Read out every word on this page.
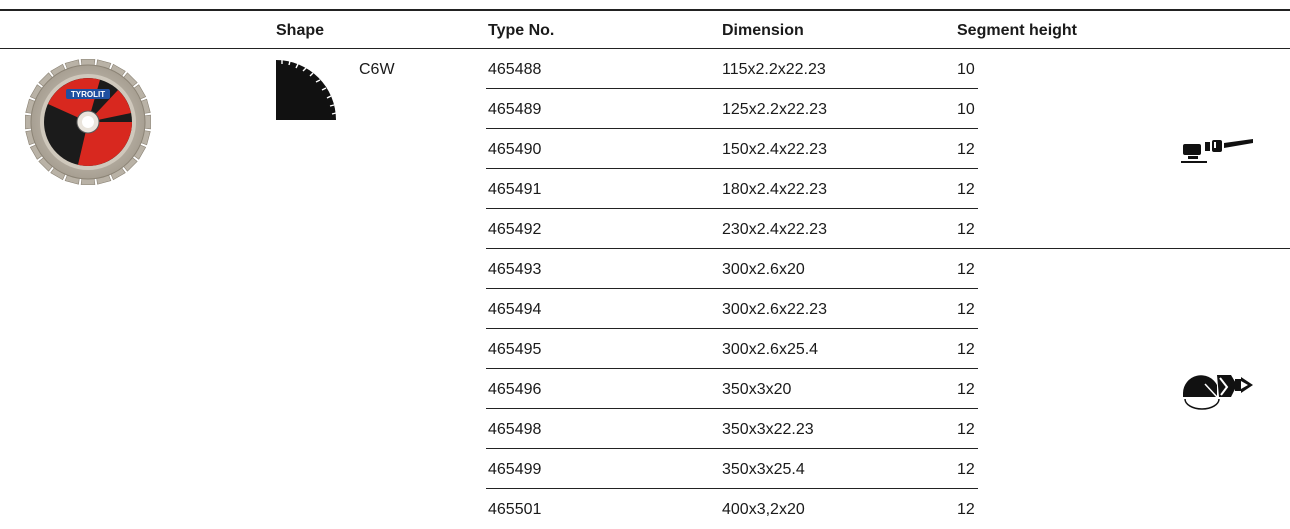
Shape	Type No.	Dimension	Segment height
TYROLIT
C6W	465488	115x2.2x22.23	10
465489	125x2.2x22.23	10
465490	150x2.4x22.23	12
465491	180x2.4x22.23	12
465492	230x2.4x22.23	12
465493	300x2.6x20	12
465494	300x2.6x22.23	12
465495	300x2.6x25.4	12
465496	350x3x20	12
465498	350x3x22.23	12
465499	350x3x25.4	12
465501	400x3,2x20	12
